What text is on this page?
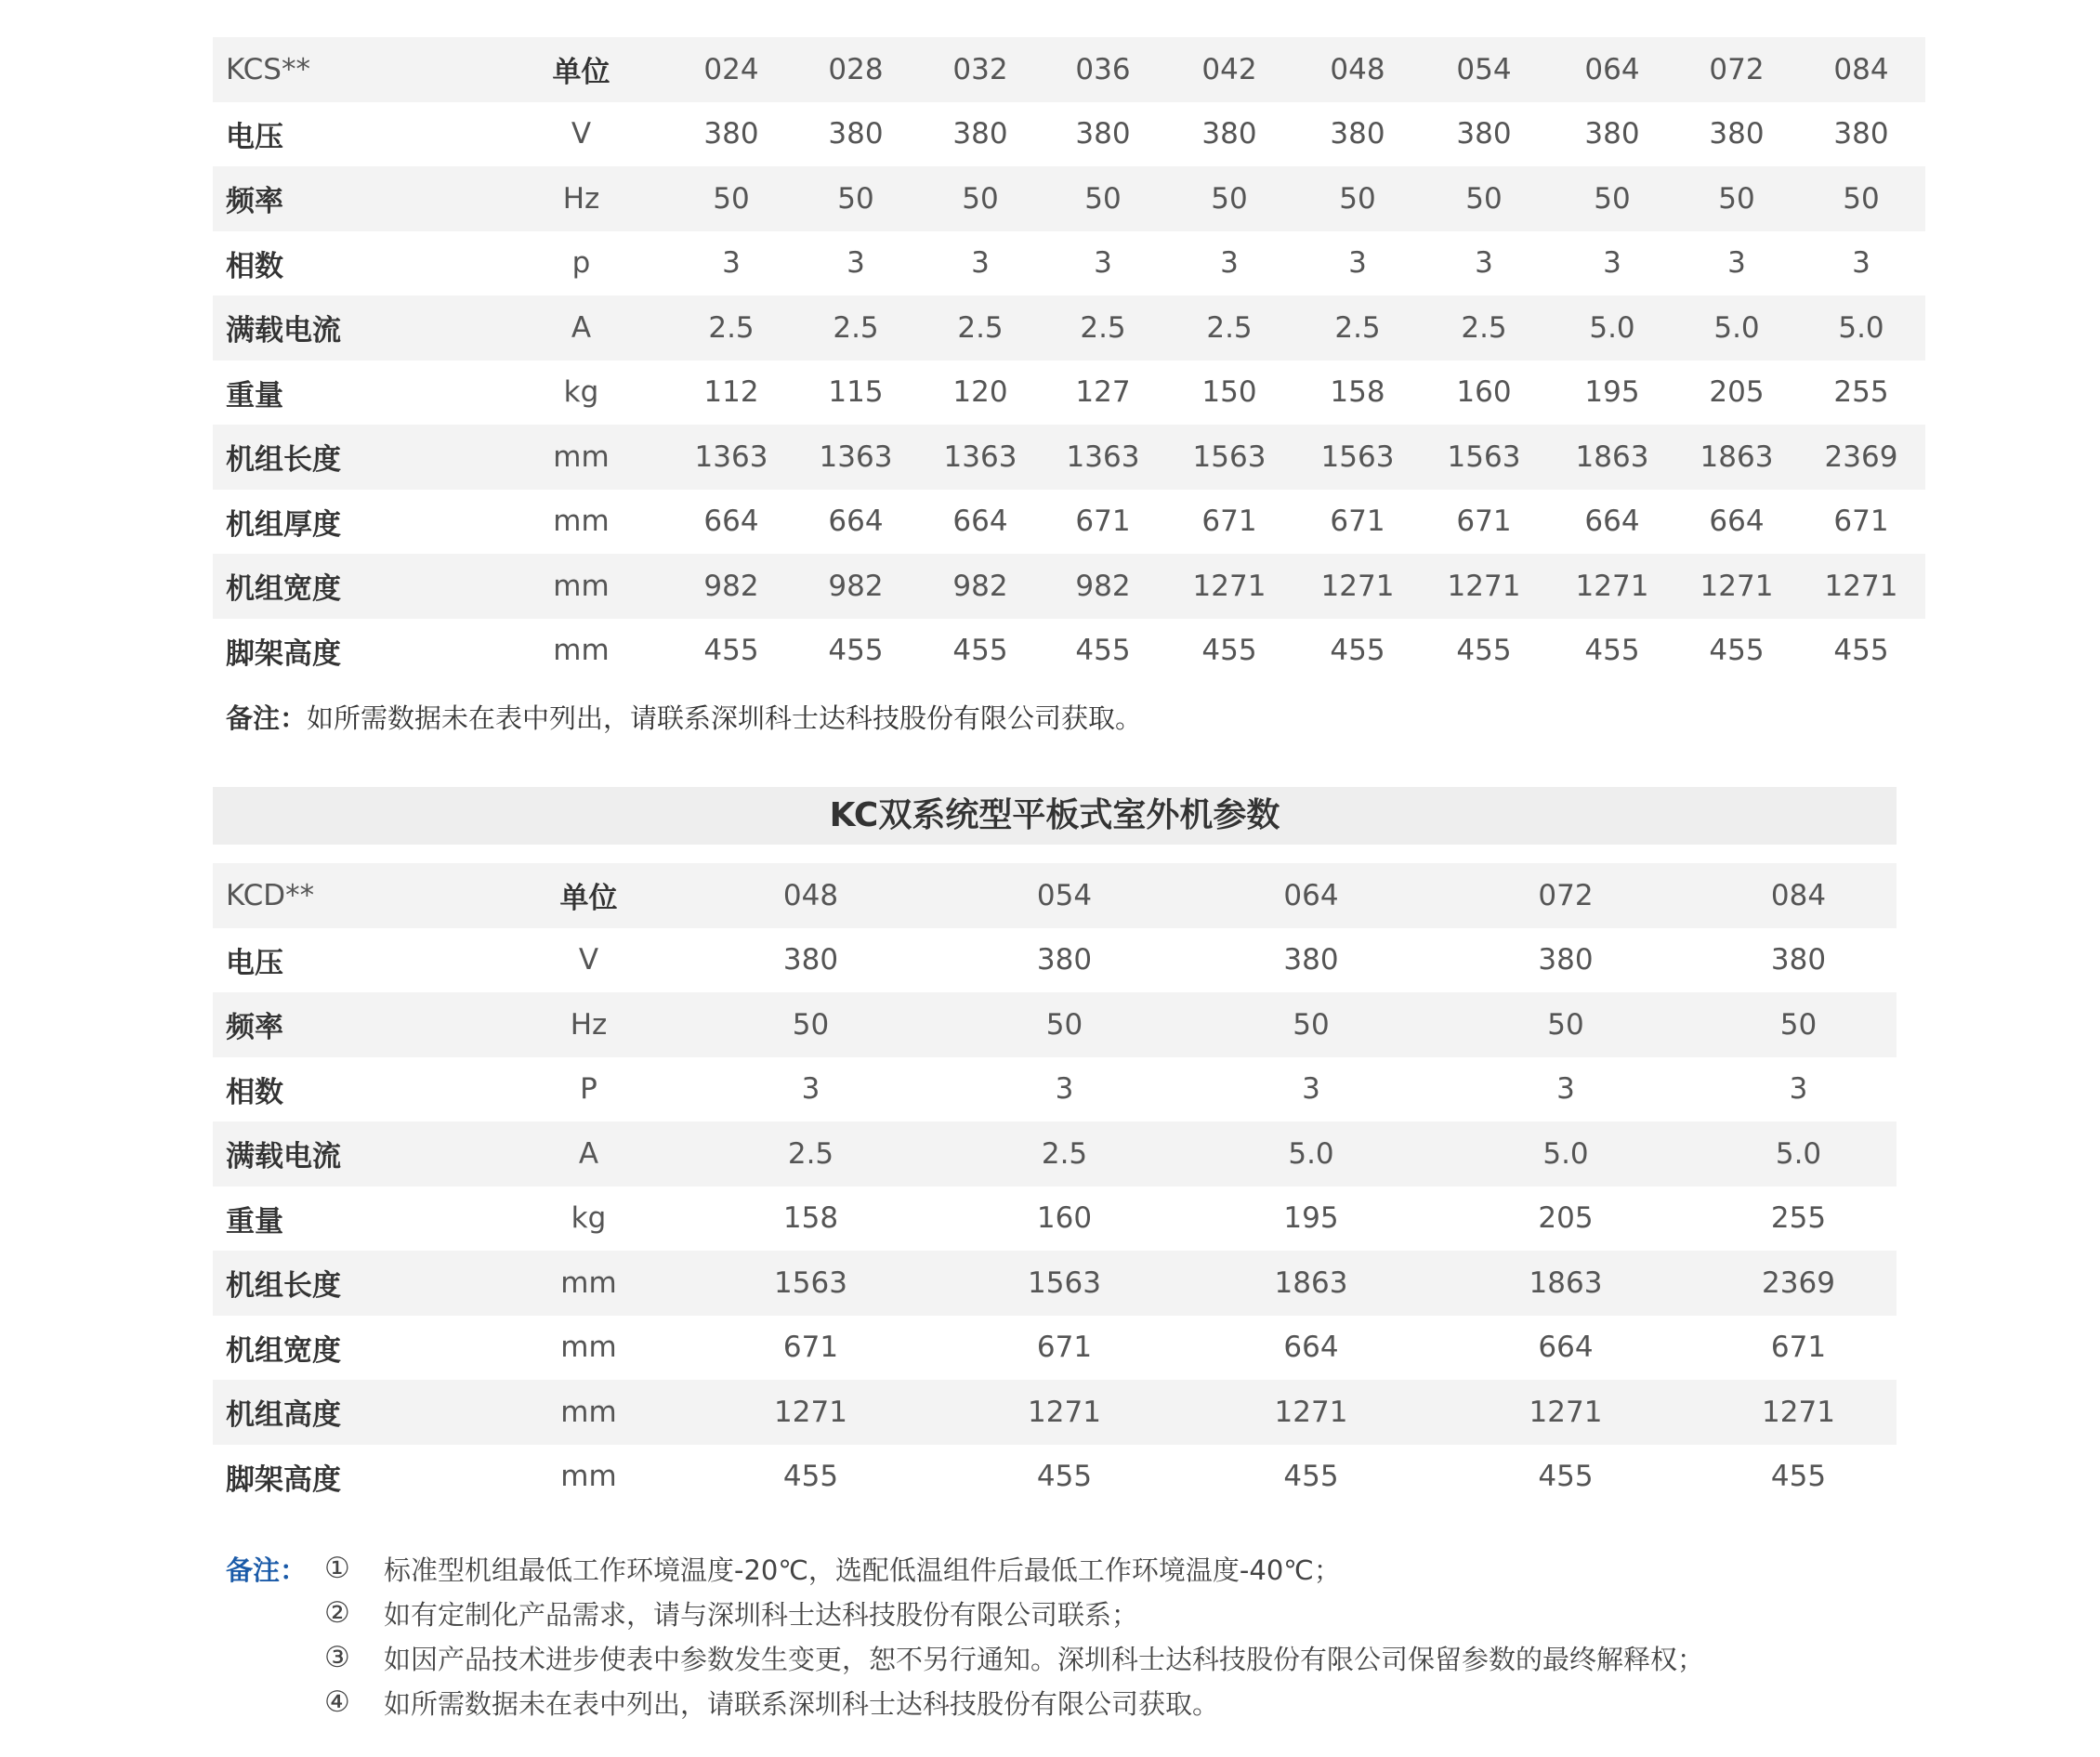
KCS**	单位	024	028	032	036	042	048	054	064	072	084
电压	V	380	380	380	380	380	380	380	380	380	380
频率	Hz	50	50	50	50	50	50	50	50	50	50
相数	p	3	3	3	3	3	3	3	3	3	3
满载电流	A	2.5	2.5	2.5	2.5	2.5	2.5	2.5	5.0	5.0	5.0
重量	kg	112	115	120	127	150	158	160	195	205	255
机组长度	mm	1363	1363	1363	1363	1563	1563	1563	1863	1863	2369
机组厚度	mm	664	664	664	671	671	671	671	664	664	671
机组宽度	mm	982	982	982	982	1271	1271	1271	1271	1271	1271
脚架高度	mm	455	455	455	455	455	455	455	455	455	455
备注： 如所需数据未在表中列出，请联系深圳科士达科技股份有限公司获取。
KC双系统型平板式室外机参数
KCD**	单位	048	054	064	072	084
电压	V	380	380	380	380	380
频率	Hz	50	50	50	50	50
相数	P	3	3	3	3	3
满载电流	A	2.5	2.5	5.0	5.0	5.0
重量	kg	158	160	195	205	255
机组长度	mm	1563	1563	1863	1863	2369
机组宽度	mm	671	671	664	664	671
机组高度	mm	1271	1271	1271	1271	1271
脚架高度	mm	455	455	455	455	455
备注： ①	标准型机组最低工作环境温度-20℃，选配低温组件后最低工作环境温度-40℃；
②	如有定制化产品需求，请与深圳科士达科技股份有限公司联系；
③	如因产品技术进步使表中参数发生变更，恕不另行通知。深圳科士达科技股份有限公司保留参数的最终解释权；
④	如所需数据未在表中列出，请联系深圳科士达科技股份有限公司获取。
